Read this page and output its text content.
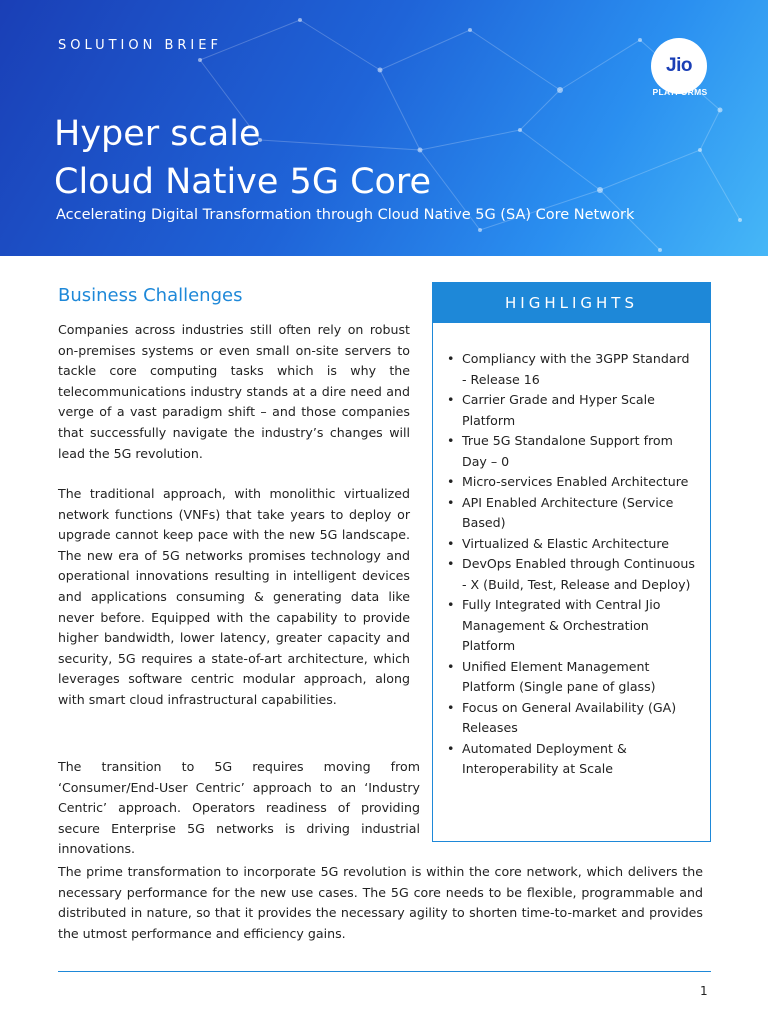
SOLUTION BRIEF
Jio
PLATFORMS
Hyper scale
Cloud Native 5G Core
Accelerating Digital Transformation through Cloud Native 5G (SA) Core Network
Business Challenges

Companies across industries still often rely on robust on-premises systems or even small on-site servers to tackle core computing tasks which is why the telecommunications industry stands at a dire need and verge of a vast paradigm shift – and those companies that successfully navigate the industry’s changes will lead the 5G revolution.

The traditional approach, with monolithic virtualized network functions (VNFs) that take years to deploy or upgrade cannot keep pace with the new 5G landscape. The new era of 5G networks promises technology and operational innovations resulting in intelligent devices and applications consuming & generating data like never before. Equipped with the capability to provide higher bandwidth, lower latency, greater capacity and security, 5G requires a state-of-art architecture, which leverages software centric modular approach, along with smart cloud infrastructural capabilities.

The transition to 5G requires moving from ‘Consumer/End-User Centric’ approach to an ‘Industry Centric’ approach. Operators readiness of providing secure Enterprise 5G networks is driving industrial innovations.

The prime transformation to incorporate 5G revolution is within the core network, which delivers the necessary performance for the new use cases. The 5G core needs to be flexible, programmable and distributed in nature, so that it provides the necessary agility to shorten time-to-market and provides the utmost performance and efficiency gains.

HIGHLIGHTS
• Compliancy with the 3GPP Standard - Release 16
• Carrier Grade and Hyper Scale Platform
• True 5G Standalone Support from Day – 0
• Micro-services Enabled Architecture
• API Enabled Architecture (Service Based)
• Virtualized & Elastic Architecture
• DevOps Enabled through Continuous - X (Build, Test, Release and Deploy)
• Fully Integrated with Central Jio Management & Orchestration Platform
• Unified Element Management Platform (Single pane of glass)
• Focus on General Availability (GA) Releases
• Automated Deployment & Interoperability at Scale
1
